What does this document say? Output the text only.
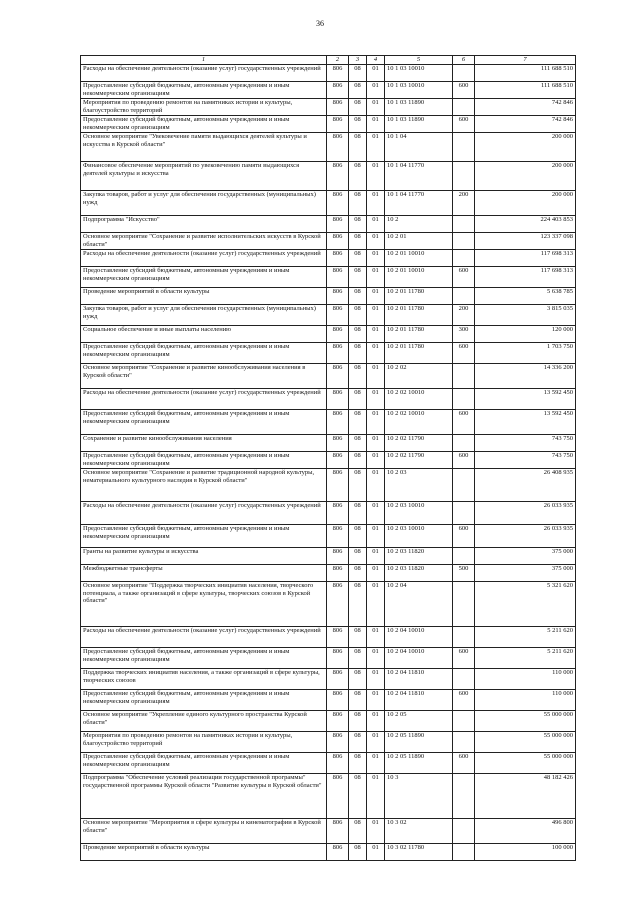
36
1	2	3	4	5	6	7
Расходы на обеспечение деятельности (оказание услуг) государственных учреждений	806	08	01	10 1 03 10010		111 688 510
Предоставление субсидий бюджетным, автономным учреждениям и иным некоммерческим организациям	806	08	01	10 1 03 10010	600	111 688 510
Мероприятия по проведению ремонтов на памятниках истории и культуры, благоустройство территорий	806	08	01	10 1 03 11890		742 846
Предоставление субсидий бюджетным, автономным учреждениям и иным некоммерческим организациям	806	08	01	10 1 03 11890	600	742 846
Основное мероприятие "Увековечение памяти выдающихся деятелей культуры и искусства в Курской области"	806	08	01	10 1 04		200 000
Финансовое обеспечение мероприятий по увековечению памяти выдающихся деятелей культуры и искусства	806	08	01	10 1 04 11770		200 000
Закупка товаров, работ и услуг для обеспечения государственных (муниципальных) нужд	806	08	01	10 1 04 11770	200	200 000
Подпрограмма "Искусство"	806	08	01	10 2		224 403 853
Основное мероприятие "Сохранение и развитие исполнительских искусств в Курской области"	806	08	01	10 2 01		123 337 098
Расходы на обеспечение деятельности (оказание услуг) государственных учреждений	806	08	01	10 2 01 10010		117 698 313
Предоставление субсидий бюджетным, автономным учреждениям и иным некоммерческим организациям	806	08	01	10 2 01 10010	600	117 698 313
Проведение мероприятий в области культуры	806	08	01	10 2 01 11780		5 638 785
Закупка товаров, работ и услуг для обеспечения государственных (муниципальных) нужд	806	08	01	10 2 01 11780	200	3 815 035
Социальное обеспечение и иные выплаты населению	806	08	01	10 2 01 11780	300	120 000
Предоставление субсидий бюджетным, автономным учреждениям и иным некоммерческим организациям	806	08	01	10 2 01 11780	600	1 703 750
Основное мероприятие "Сохранение и развитие кинообслуживания населения в Курской области"	806	08	01	10 2 02		14 336 200
Расходы на обеспечение деятельности (оказание услуг) государственных учреждений	806	08	01	10 2 02 10010		13 592 450
Предоставление субсидий бюджетным, автономным учреждениям и иным некоммерческим организациям	806	08	01	10 2 02 10010	600	13 592 450
Сохранение и развитие кинообслуживания населения	806	08	01	10 2 02 11790		743 750
Предоставление субсидий бюджетным, автономным учреждениям и иным некоммерческим организациям	806	08	01	10 2 02 11790	600	743 750
Основное мероприятие "Сохранение и развитие традиционной народной культуры, нематериального культурного наследия в Курской области"	806	08	01	10 2 03		26 408 935
Расходы на обеспечение деятельности (оказание услуг) государственных учреждений	806	08	01	10 2 03 10010		26 033 935
Предоставление субсидий бюджетным, автономным учреждениям и иным некоммерческим организациям	806	08	01	10 2 03 10010	600	26 033 935
Гранты на развитие культуры и искусства	806	08	01	10 2 03 11820		375 000
Межбюджетные трансферты	806	08	01	10 2 03 11820	500	375 000
Основное мероприятие "Поддержка творческих инициатив населения, творческого потенциала, а также организаций в сфере культуры, творческих союзов в Курской области"	806	08	01	10 2 04		5 321 620
Расходы на обеспечение деятельности (оказание услуг) государственных учреждений	806	08	01	10 2 04 10010		5 211 620
Предоставление субсидий бюджетным, автономным учреждениям и иным некоммерческим организациям	806	08	01	10 2 04 10010	600	5 211 620
Поддержка творческих инициатив населения, а также организаций в сфере культуры, творческих союзов	806	08	01	10 2 04 11810		110 000
Предоставление субсидий бюджетным, автономным учреждениям и иным некоммерческим организациям	806	08	01	10 2 04 11810	600	110 000
Основное мероприятие "Укрепление единого культурного пространства Курской области"	806	08	01	10 2 05		55 000 000
Мероприятия по проведению ремонтов на памятниках истории и культуры, благоустройство территорий	806	08	01	10 2 05 11890		55 000 000
Предоставление субсидий бюджетным, автономным учреждениям и иным некоммерческим организациям	806	08	01	10 2 05 11890	600	55 000 000
Подпрограмма "Обеспечение условий реализации государственной программы" государственной программы Курской области "Развитие культуры в Курской области"	806	08	01	10 3		48 182 426
Основное мероприятие "Мероприятия в сфере культуры и кинематографии в Курской области"	806	08	01	10 3 02		496 800
Проведение мероприятий в области культуры	806	08	01	10 3 02 11780		100 000
